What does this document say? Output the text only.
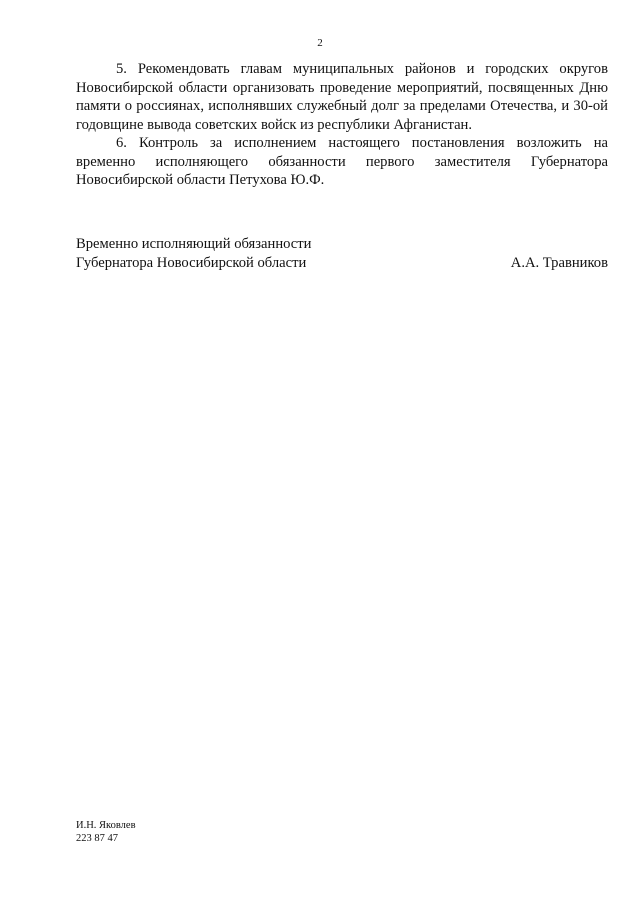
2

5. Рекомендовать главам муниципальных районов и городских округов Новосибирской области организовать проведение мероприятий, посвященных Дню памяти о россиянах, исполнявших служебный долг за пределами Отечества, и 30-ой годовщине вывода советских войск из республики Афганистан.

6. Контроль за исполнением настоящего постановления возложить на временно исполняющего обязанности первого заместителя Губернатора Новосибирской области Петухова Ю.Ф.

Временно исполняющий обязанности
Губернатора Новосибирской области	А.А. Травников
И.Н. Яковлев
223 87 47
